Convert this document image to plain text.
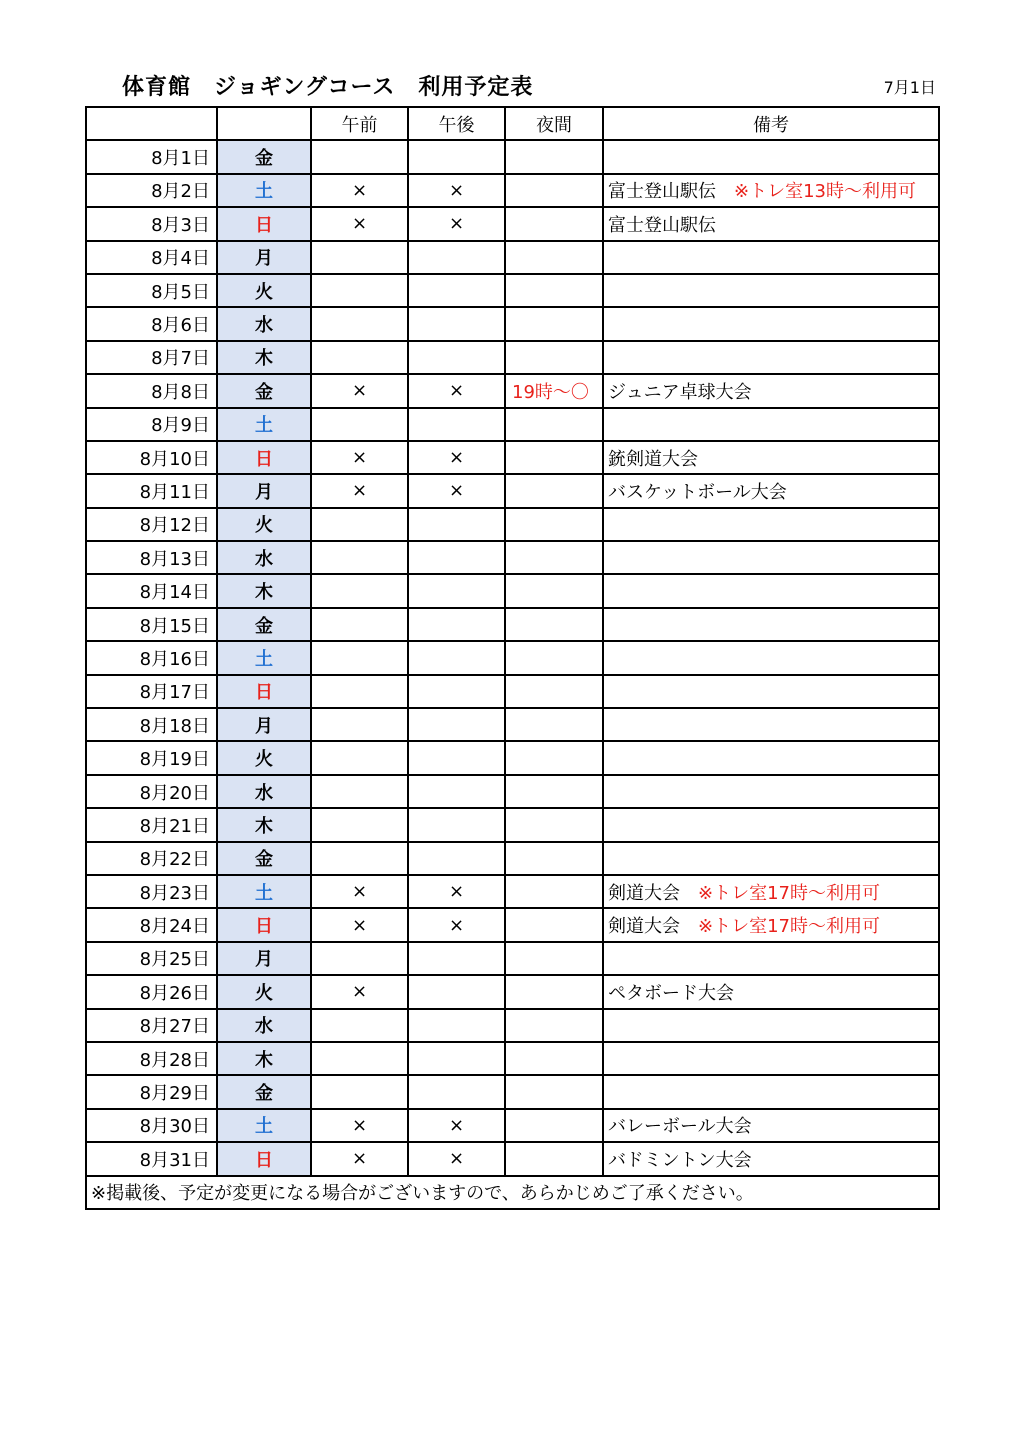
体育館　ジョギングコース　利用予定表	7月1日
		午前	午後	夜間	備考
8月1日	金				
8月2日	土	×	×		富士登山駅伝　※トレ室13時～利用可
8月3日	日	×	×		富士登山駅伝
8月4日	月				
8月5日	火				
8月6日	水				
8月7日	木				
8月8日	金	×	×	19時～〇	ジュニア卓球大会
8月9日	土				
8月10日	日	×	×		銃剣道大会
8月11日	月	×	×		バスケットボール大会
8月12日	火				
8月13日	水				
8月14日	木				
8月15日	金				
8月16日	土				
8月17日	日				
8月18日	月				
8月19日	火				
8月20日	水				
8月21日	木				
8月22日	金				
8月23日	土	×	×		剣道大会　※トレ室17時～利用可
8月24日	日	×	×		剣道大会　※トレ室17時～利用可
8月25日	月				
8月26日	火	×			ペタボード大会
8月27日	水				
8月28日	木				
8月29日	金				
8月30日	土	×	×		バレーボール大会
8月31日	日	×	×		バドミントン大会
※掲載後、予定が変更になる場合がございますので、あらかじめご了承ください。					
